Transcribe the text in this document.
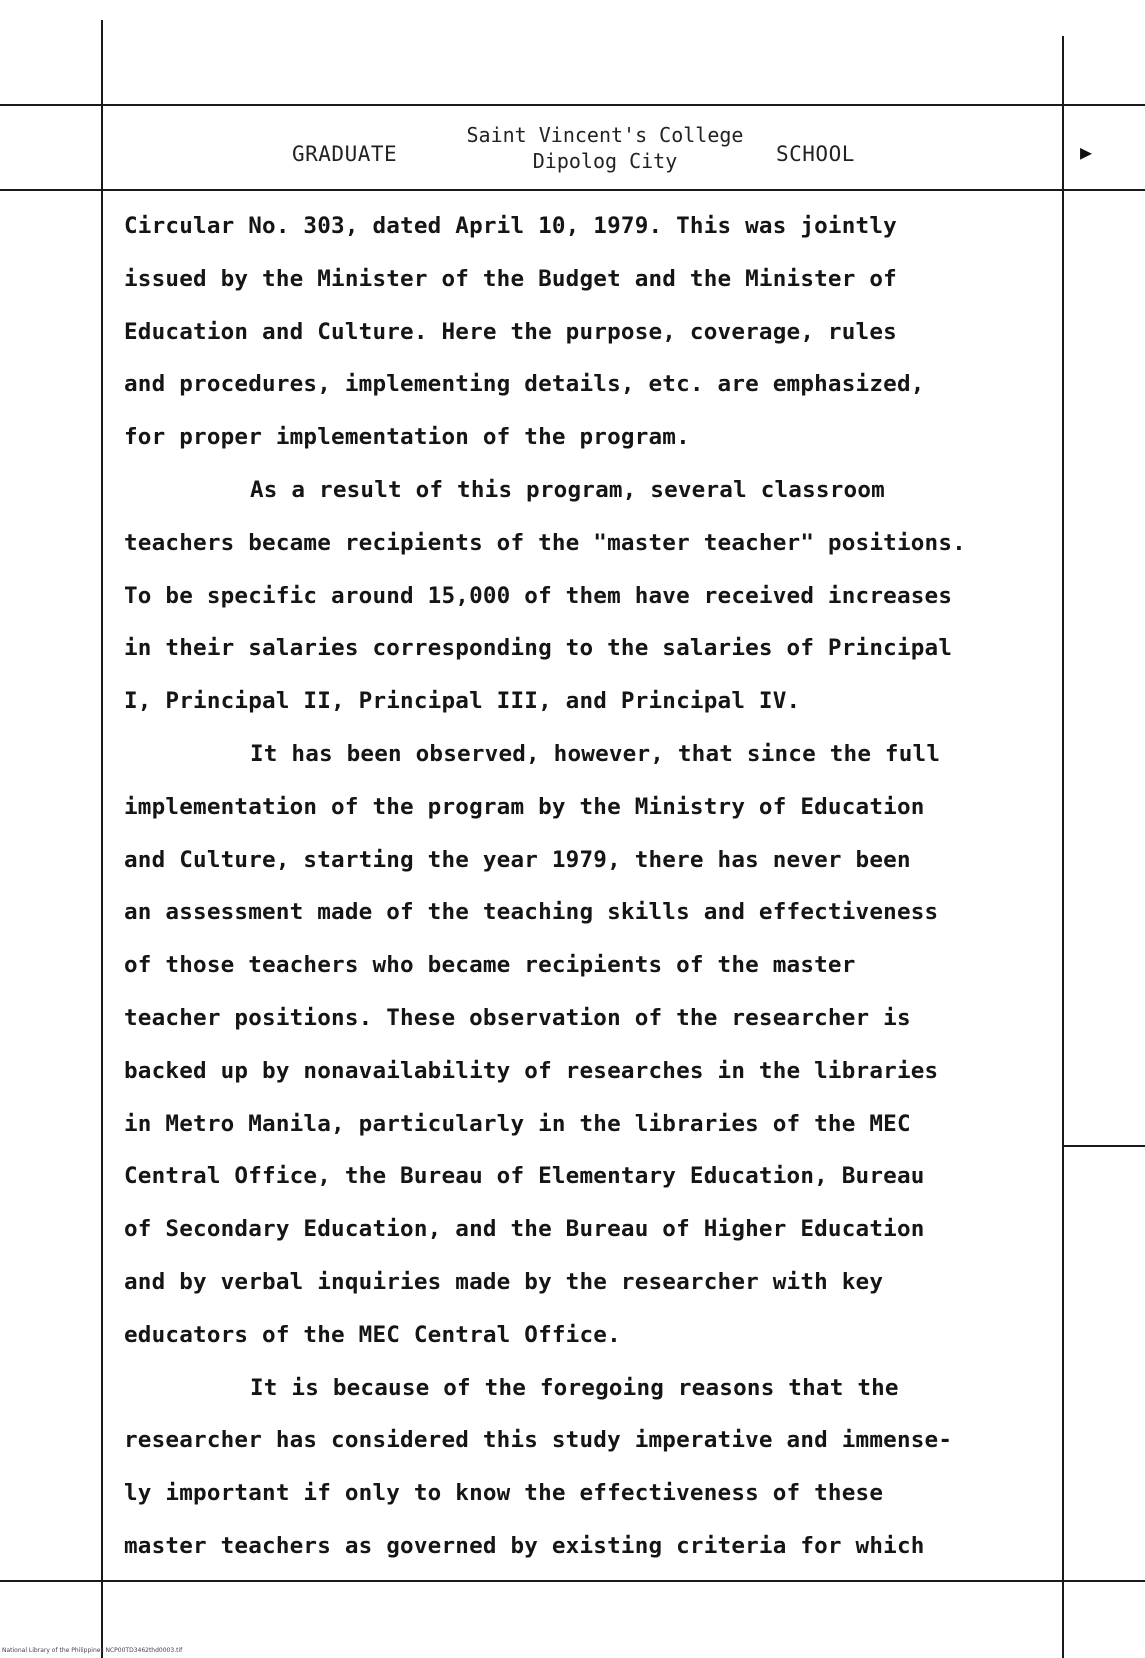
GRADUATE
Saint Vincent's College
Dipolog City	SCHOOL	▶
Circular No. 303, dated April 10, 1979. This was jointly
issued by the Minister of the Budget and the Minister of
Education and Culture. Here the purpose, coverage, rules
and procedures, implementing details, etc. are emphasized,
for proper implementation of the program.
As a result of this program, several classroom
teachers became recipients of the "master teacher" positions.
To be specific around 15,000 of them have received increases
in their salaries corresponding to the salaries of Principal
I, Principal II, Principal III, and Principal IV.
It has been observed, however, that since the full
implementation of the program by the Ministry of Education
and Culture, starting the year 1979, there has never been
an assessment made of the teaching skills and effectiveness
of those teachers who became recipients of the master
teacher positions. These observation of the researcher is
backed up by nonavailability of researches in the libraries
in Metro Manila, particularly in the libraries of the MEC
Central Office, the Bureau of Elementary Education, Bureau
of Secondary Education, and the Bureau of Higher Education
and by verbal inquiries made by the researcher with key
educators of the MEC Central Office.
It is because of the foregoing reasons that the
researcher has considered this study imperative and immense-
ly important if only to know the effectiveness of these
master teachers as governed by existing criteria for which
National Library of the Philippines NCP00TD3462thd0003.tif
